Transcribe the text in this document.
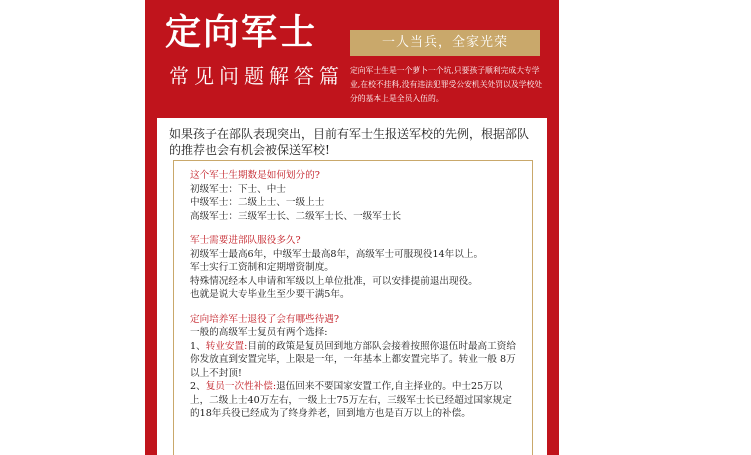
定向军士
常见问题解答篇
一人当兵，全家光荣
定向军士生是一个萝卜一个坑,只要孩子顺利完成大专学业,在校不挂科,没有违法犯罪受公安机关处罚以及学校处分的基本上是全员入伍的。
如果孩子在部队表现突出，目前有军士生报送军校的先例，根据部队的推荐也会有机会被保送军校!
这个军士生期数是如何划分的?
初级军士：下士、中士
中级军士：二级上士、一级上士
高级军士：三级军士长、二级军士长、一级军士长
军士需要进部队服役多久?
初级军士最高6年，中级军士最高8年，高级军士可服现役14年以上。
军士实行工资制和定期增资制度。
特殊情况经本人申请和军级以上单位批准，可以安排提前退出现役。
也就是说大专毕业生至少要干满5年。
定向培养军士退役了会有哪些待遇?
一般的高级军士复员有两个选择:
1、转业安置:目前的政策是复员回到地方部队会接着按照你退伍时最高工资给你发放直到安置完毕，上限是一年，一年基本上都安置完毕了。转业一般 8万以上不封顶!
2、复员一次性补偿:退伍回来不要国家安置工作,自主择业的。中士25万以上，二级上士40万左右，一级上士75万左右，三级军士长已经超过国家规定的18年兵役已经成为了终身养老，回到地方也是百万以上的补偿。
